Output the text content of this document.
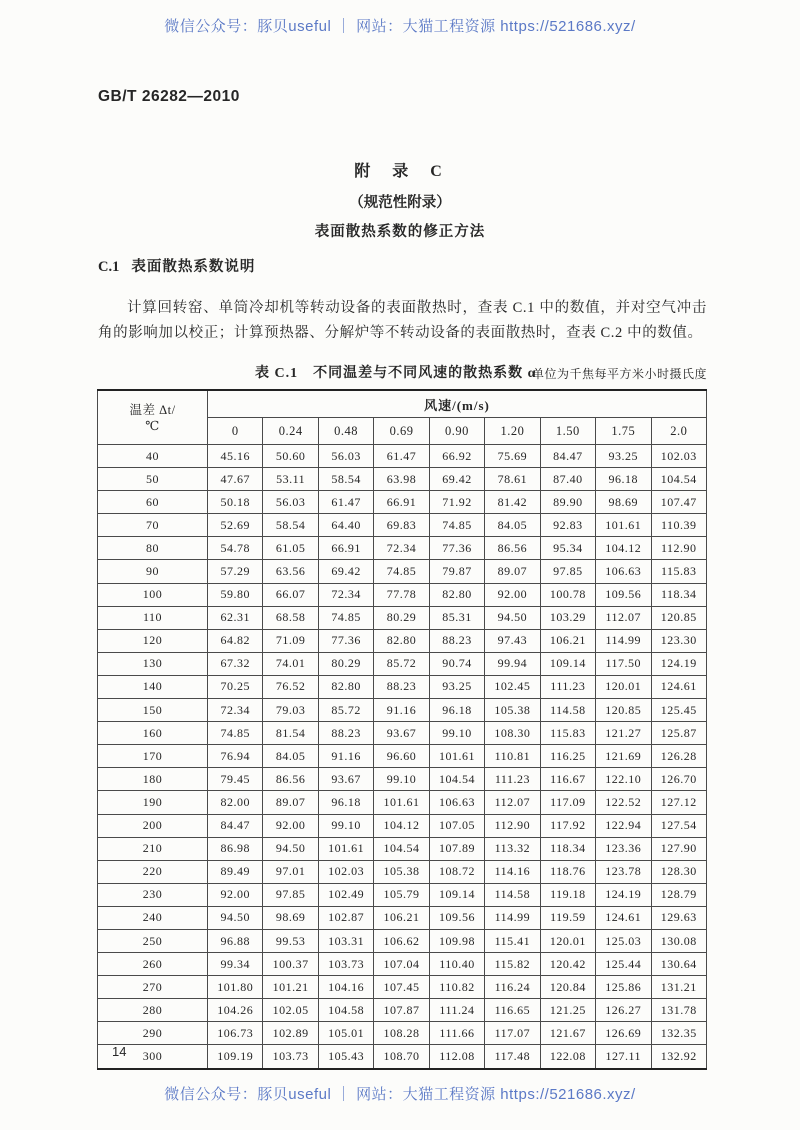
微信公众号：豚贝useful ｜ 网站：大猫工程资源 https://521686.xyz/
GB/T 26282—2010
附 录 C
（规范性附录）
表面散热系数的修正方法
C.1 表面散热系数说明
计算回转窑、单筒冷却机等转动设备的表面散热时，查表 C.1 中的数值，并对空气冲击角的影响加以校正；计算预热器、分解炉等不转动设备的表面散热时，查表 C.2 中的数值。
表 C.1　不同温差与不同风速的散热系数 α
单位为千焦每平方米小时摄氏度
温差 Δt/
℃	风速/(m/s)								
	0	0.24	0.48	0.69	0.90	1.20	1.50	1.75	2.0
40	45.16	50.60	56.03	61.47	66.92	75.69	84.47	93.25	102.03
50	47.67	53.11	58.54	63.98	69.42	78.61	87.40	96.18	104.54
60	50.18	56.03	61.47	66.91	71.92	81.42	89.90	98.69	107.47
70	52.69	58.54	64.40	69.83	74.85	84.05	92.83	101.61	110.39
80	54.78	61.05	66.91	72.34	77.36	86.56	95.34	104.12	112.90
90	57.29	63.56	69.42	74.85	79.87	89.07	97.85	106.63	115.83
100	59.80	66.07	72.34	77.78	82.80	92.00	100.78	109.56	118.34
110	62.31	68.58	74.85	80.29	85.31	94.50	103.29	112.07	120.85
120	64.82	71.09	77.36	82.80	88.23	97.43	106.21	114.99	123.30
130	67.32	74.01	80.29	85.72	90.74	99.94	109.14	117.50	124.19
140	70.25	76.52	82.80	88.23	93.25	102.45	111.23	120.01	124.61
150	72.34	79.03	85.72	91.16	96.18	105.38	114.58	120.85	125.45
160	74.85	81.54	88.23	93.67	99.10	108.30	115.83	121.27	125.87
170	76.94	84.05	91.16	96.60	101.61	110.81	116.25	121.69	126.28
180	79.45	86.56	93.67	99.10	104.54	111.23	116.67	122.10	126.70
190	82.00	89.07	96.18	101.61	106.63	112.07	117.09	122.52	127.12
200	84.47	92.00	99.10	104.12	107.05	112.90	117.92	122.94	127.54
210	86.98	94.50	101.61	104.54	107.89	113.32	118.34	123.36	127.90
220	89.49	97.01	102.03	105.38	108.72	114.16	118.76	123.78	128.30
230	92.00	97.85	102.49	105.79	109.14	114.58	119.18	124.19	128.79
240	94.50	98.69	102.87	106.21	109.56	114.99	119.59	124.61	129.63
250	96.88	99.53	103.31	106.62	109.98	115.41	120.01	125.03	130.08
260	99.34	100.37	103.73	107.04	110.40	115.82	120.42	125.44	130.64
270	101.80	101.21	104.16	107.45	110.82	116.24	120.84	125.86	131.21
280	104.26	102.05	104.58	107.87	111.24	116.65	121.25	126.27	131.78
290	106.73	102.89	105.01	108.28	111.66	117.07	121.67	126.69	132.35
300	109.19	103.73	105.43	108.70	112.08	117.48	122.08	127.11	132.92
14
微信公众号：豚贝useful ｜ 网站：大猫工程资源 https://521686.xyz/
